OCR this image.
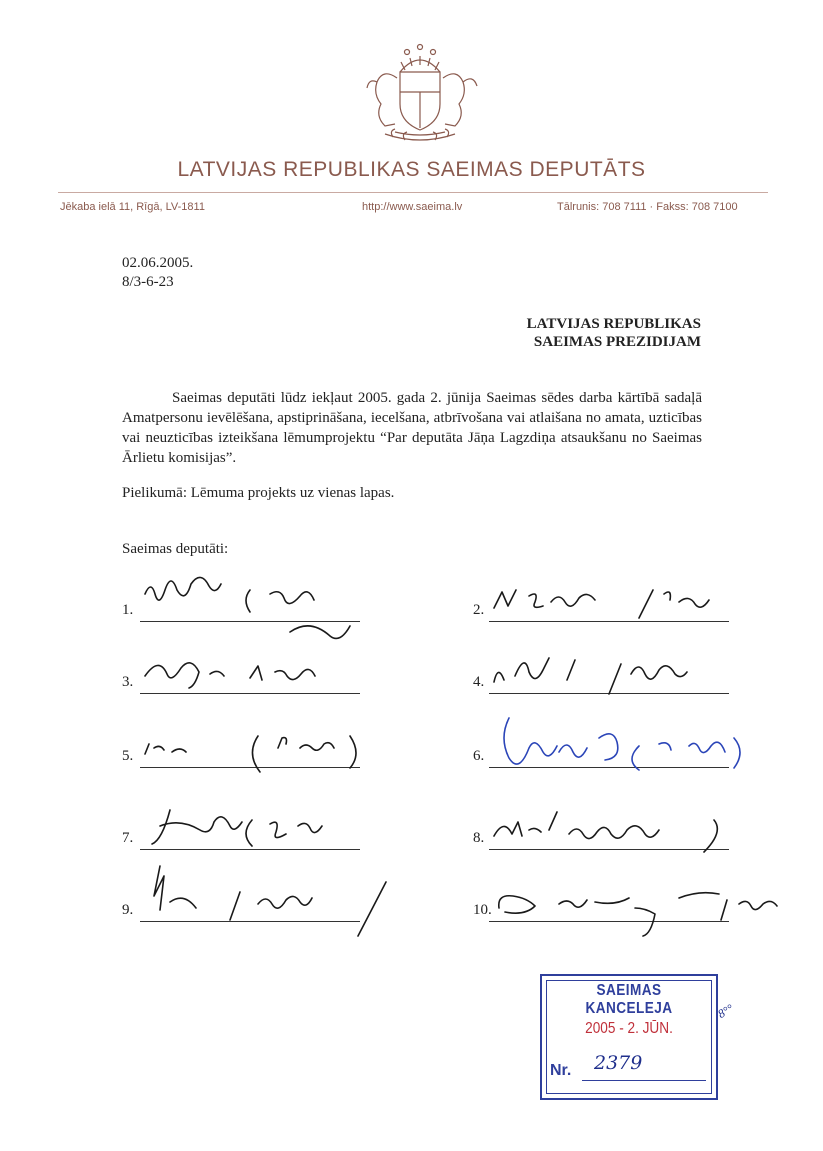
LATVIJAS REPUBLIKAS SAEIMAS DEPUTĀTS
Jēkaba ielā 11, Rīgā, LV-1811	http://www.saeima.lv	Tālrunis: 708 7111 · Fakss: 708 7100
02.06.2005.
8/3-6-23
LATVIJAS REPUBLIKAS
SAEIMAS PREZIDIJAM
Saeimas deputāti lūdz iekļaut 2005. gada 2. jūnija Saeimas sēdes darba kārtībā sadaļā Amatpersonu ievēlēšana, apstiprināšana, iecelšana, atbrīvošana vai atlaišana no amata, uzticības vai neuzticības izteikšana lēmumprojektu “Par deputāta Jāņa Lagzdiņa atsaukšanu no Saeimas Ārlietu komisijas”.
Pielikumā: Lēmuma projekts uz vienas lapas.
Saeimas deputāti:
1.	2.
3.	4.
5.	6.
7.	8.
9.	10.
SAEIMAS KANCELEJA
2005 - 2. JŪN.
Nr. 2379
8°°
